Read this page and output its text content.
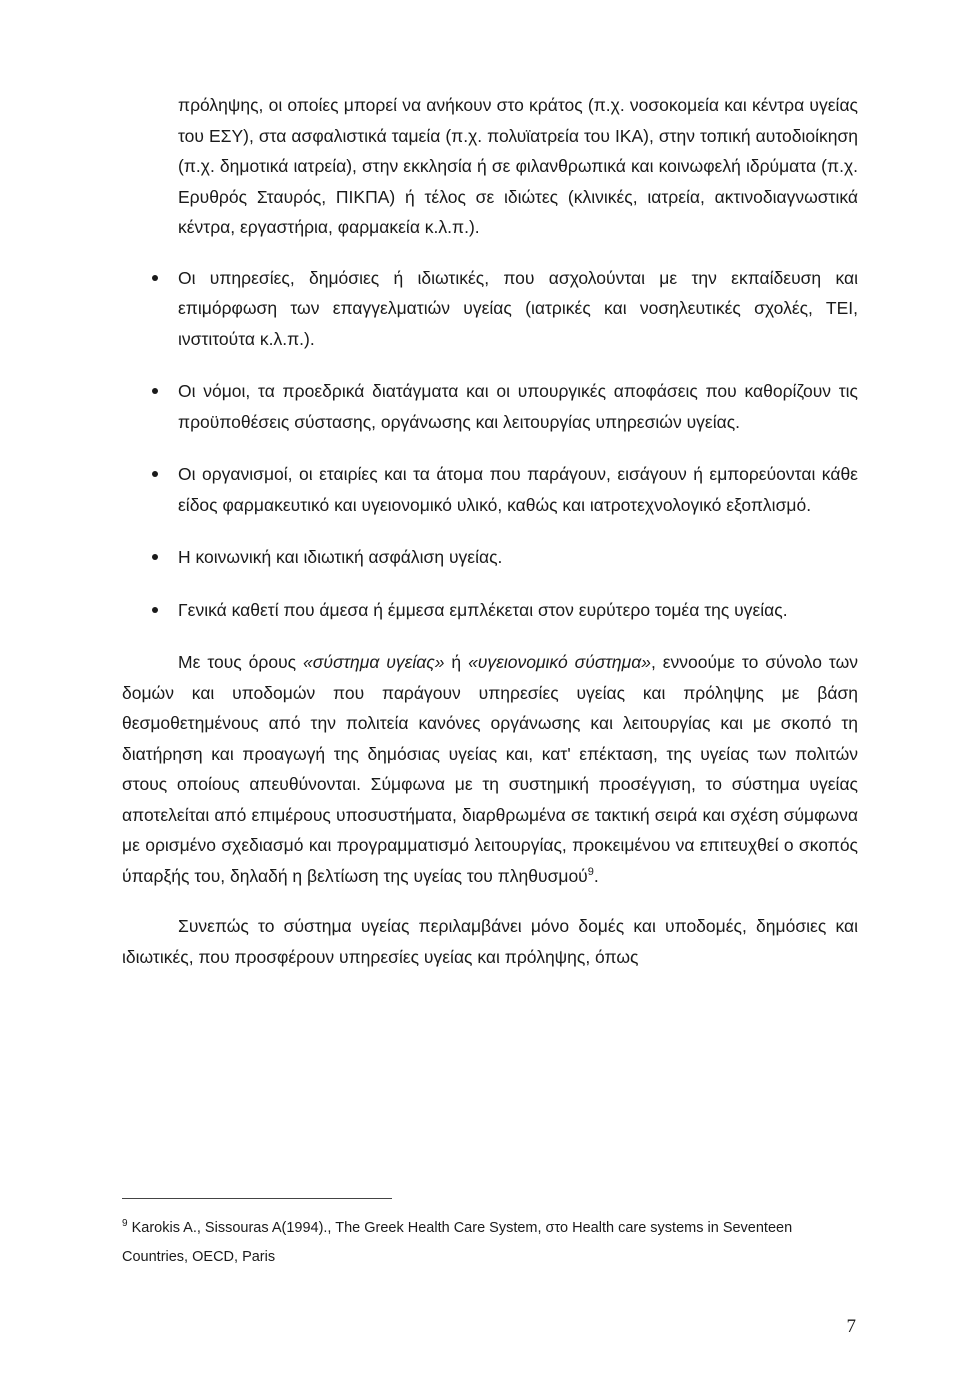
πρόληψης, οι οποίες μπορεί να ανήκουν στο κράτος (π.χ. νοσοκομεία και κέντρα υγείας του ΕΣΥ), στα ασφαλιστικά ταμεία (π.χ. πολυϊατρεία του ΙΚΑ), στην τοπική αυτοδιοίκηση (π.χ. δημοτικά ιατρεία), στην εκκλησία ή σε φιλανθρωπικά και κοινωφελή ιδρύματα (π.χ. Ερυθρός Σταυρός, ΠΙΚΠΑ) ή τέλος σε ιδιώτες (κλινικές, ιατρεία, ακτινοδιαγνωστικά κέντρα, εργαστήρια, φαρμακεία κ.λ.π.).

Οι υπηρεσίες, δημόσιες ή ιδιωτικές, που ασχολούνται με την εκπαίδευση και επιμόρφωση των επαγγελματιών υγείας (ιατρικές και νοσηλευτικές σχολές, ΤΕΙ, ινστιτούτα κ.λ.π.).
Οι νόμοι, τα προεδρικά διατάγματα και οι υπουργικές αποφάσεις που καθορίζουν τις προϋποθέσεις σύστασης, οργάνωσης και λειτουργίας υπηρεσιών υγείας.
Οι οργανισμοί, οι εταιρίες και τα άτομα που παράγουν, εισάγουν ή εμπορεύονται κάθε είδος φαρμακευτικό και υγειονομικό υλικό, καθώς και ιατροτεχνολογικό εξοπλισμό.
Η κοινωνική και ιδιωτική ασφάλιση υγείας.
Γενικά καθετί που άμεσα ή έμμεσα εμπλέκεται στον ευρύτερο τομέα της υγείας.

Με τους όρους «σύστημα υγείας» ή «υγειονομικό σύστημα», εννοούμε το σύνολο των δομών και υποδομών που παράγουν υπηρεσίες υγείας και πρόληψης με βάση θεσμοθετημένους από την πολιτεία κανόνες οργάνωσης και λειτουργίας και με σκοπό τη διατήρηση και προαγωγή της δημόσιας υγείας και, κατ' επέκταση, της υγείας των πολιτών στους οποίους απευθύνονται. Σύμφωνα με τη συστημική προσέγγιση, το σύστημα υγείας αποτελείται από επιμέρους υποσυστήματα, διαρθρωμένα σε τακτική σειρά και σχέση σύμφωνα με ορισμένο σχεδιασμό και προγραμματισμό λειτουργίας, προκειμένου να επιτευχθεί ο σκοπός ύπαρξής του, δηλαδή η βελτίωση της υγείας του πληθυσμού$^9$.

Συνεπώς το σύστημα υγείας περιλαμβάνει μόνο δομές και υποδομές, δημόσιες και ιδιωτικές, που προσφέρουν υπηρεσίες υγείας και πρόληψης, όπως

$^9$ Karokis A., Sissouras A(1994)., The Greek Health Care System, στο Health care systems in Seventeen Countries, OECD, Paris
7
